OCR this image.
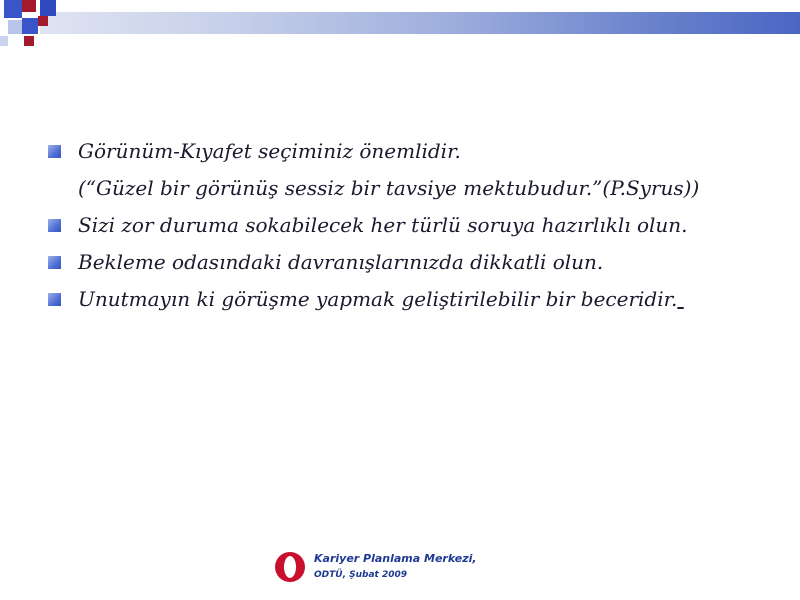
Görünüm-Kıyafet seçiminiz önemlidir.
(“Güzel bir görünüş sessiz bir tavsiye mektubudur.”(P.Syrus))
Sizi zor duruma sokabilecek her türlü soruya hazırlıklı olun.
Bekleme odasındaki davranışlarınızda dikkatli olun.
Unutmayın ki görüşme yapmak geliştirilebilir bir beceridir.
Kariyer Planlama Merkezi,
ODTÜ, Şubat 2009
